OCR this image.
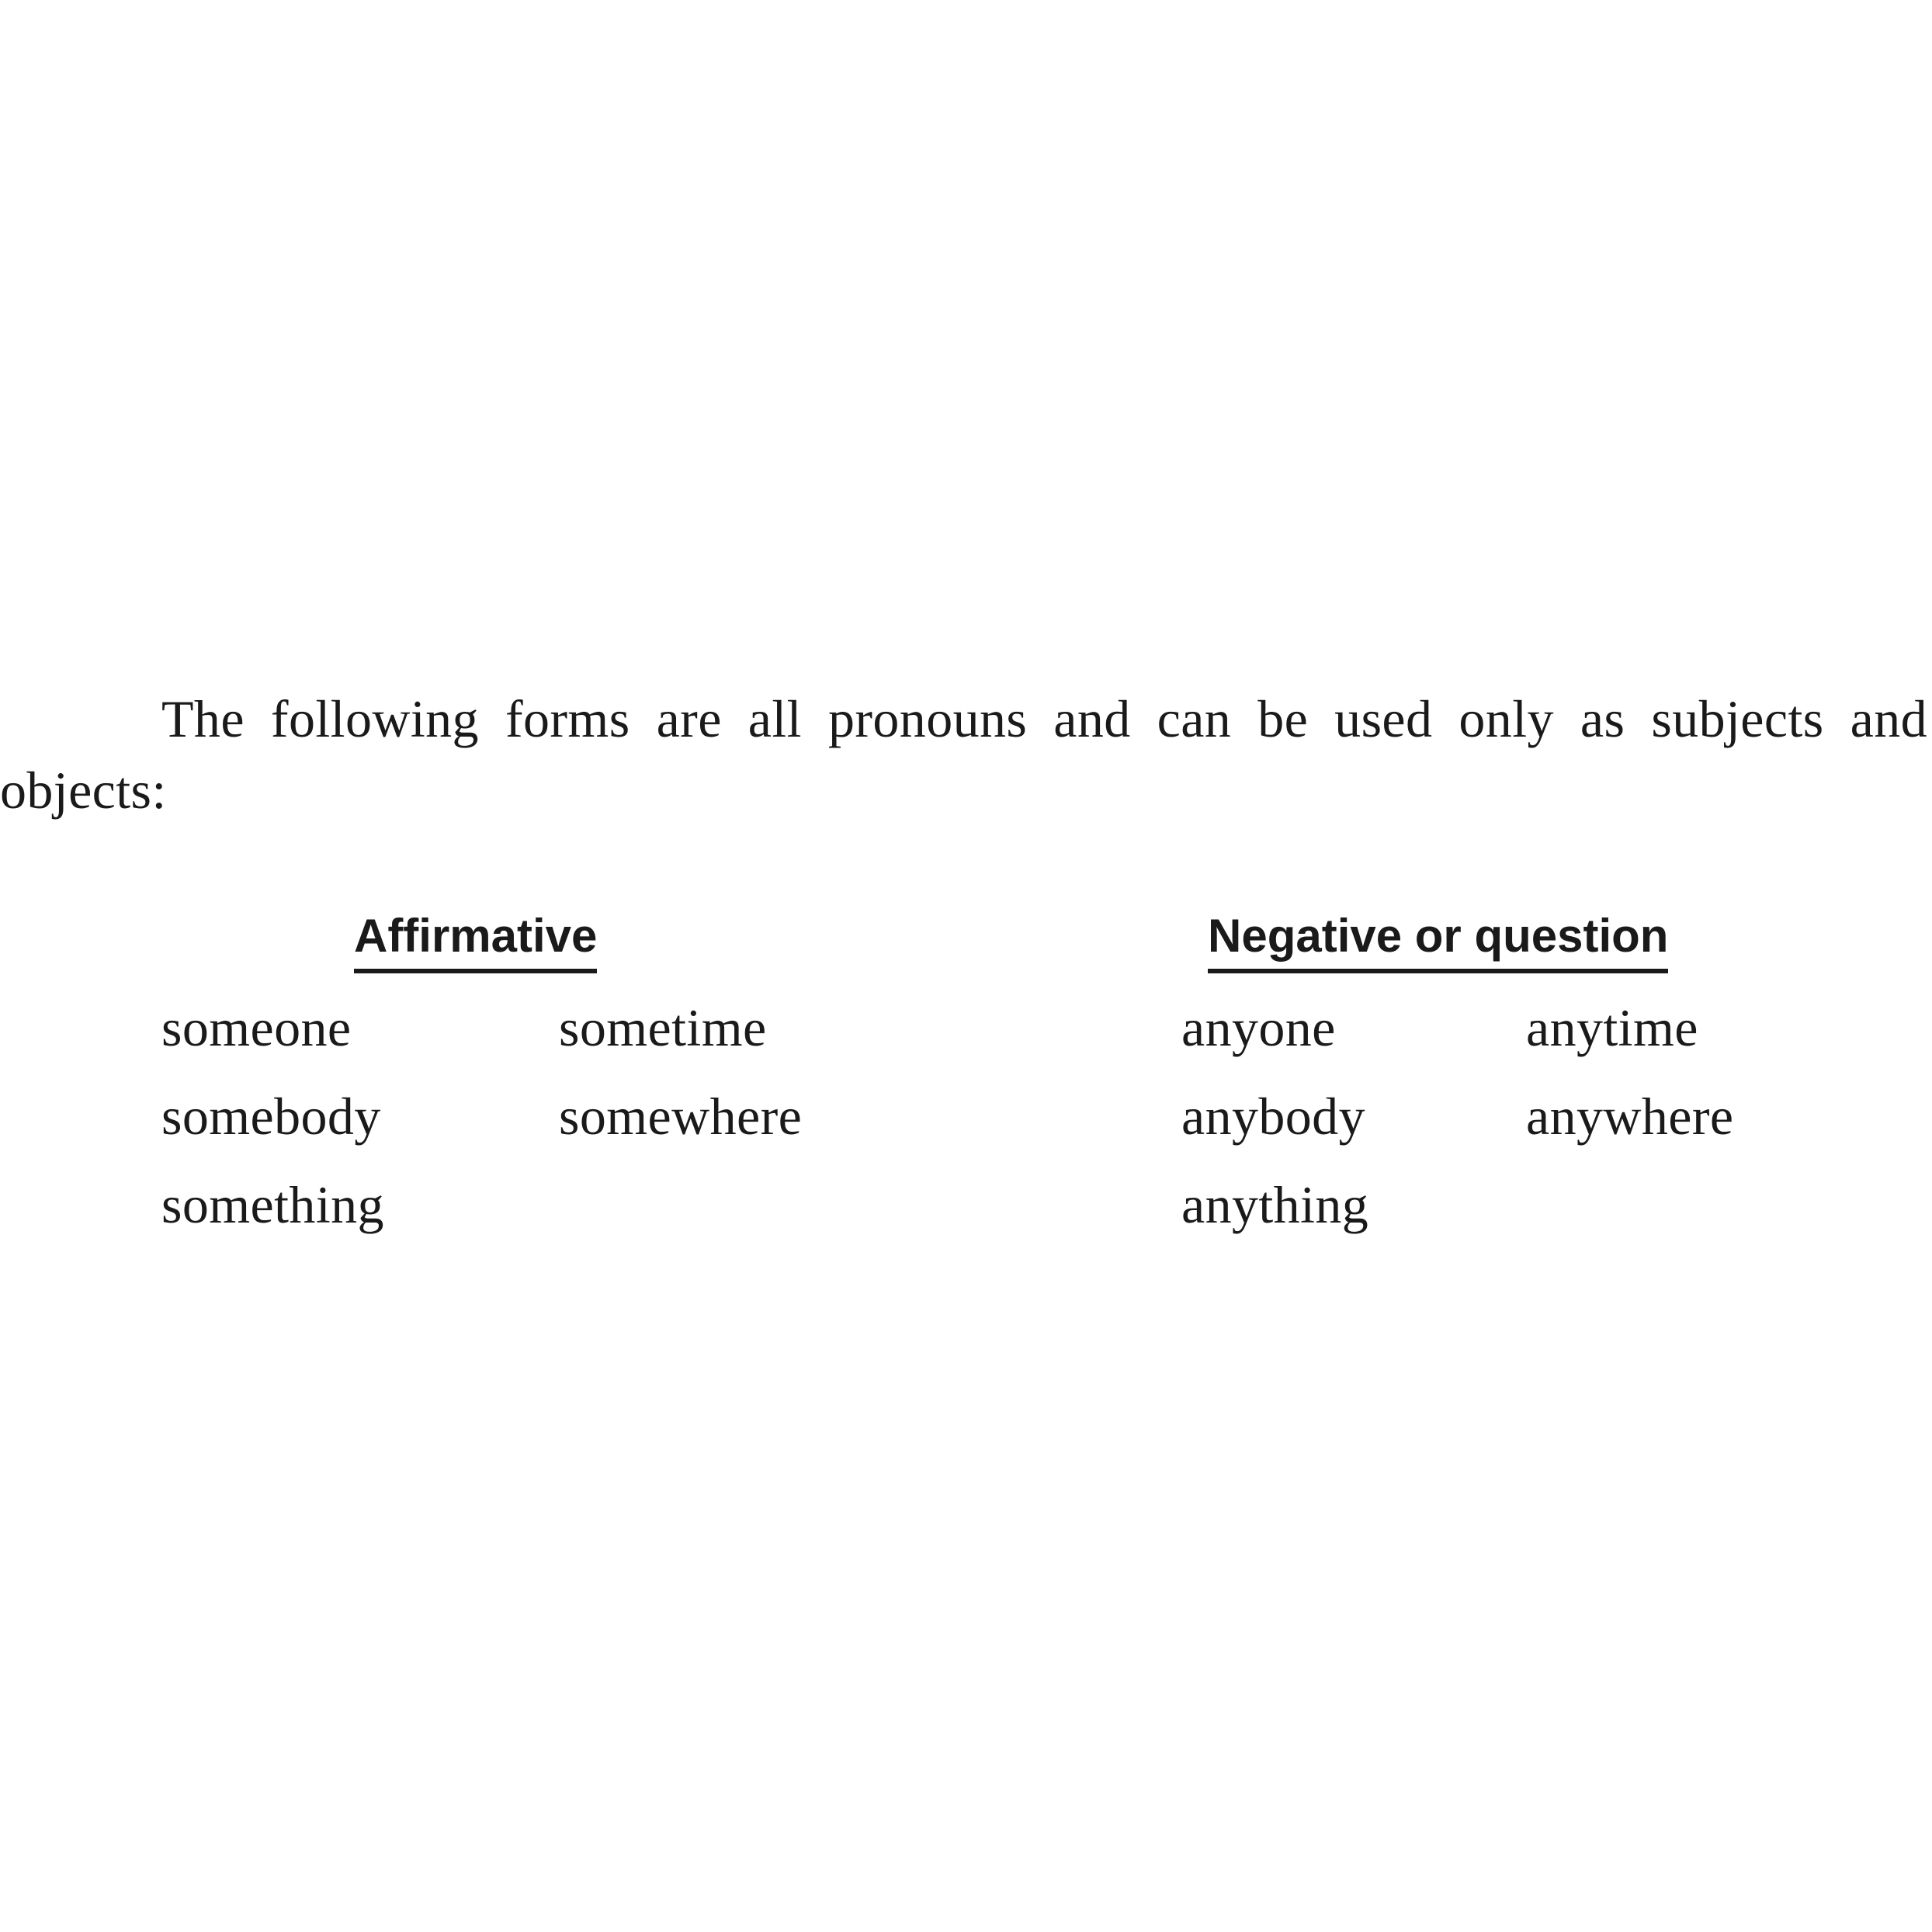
The following forms are all pronouns and can be used only as subjects and
objects:
Affirmative	Negative or question
someone
somebody
something
sometime
somewhere
anyone
anybody
anything
anytime
anywhere
